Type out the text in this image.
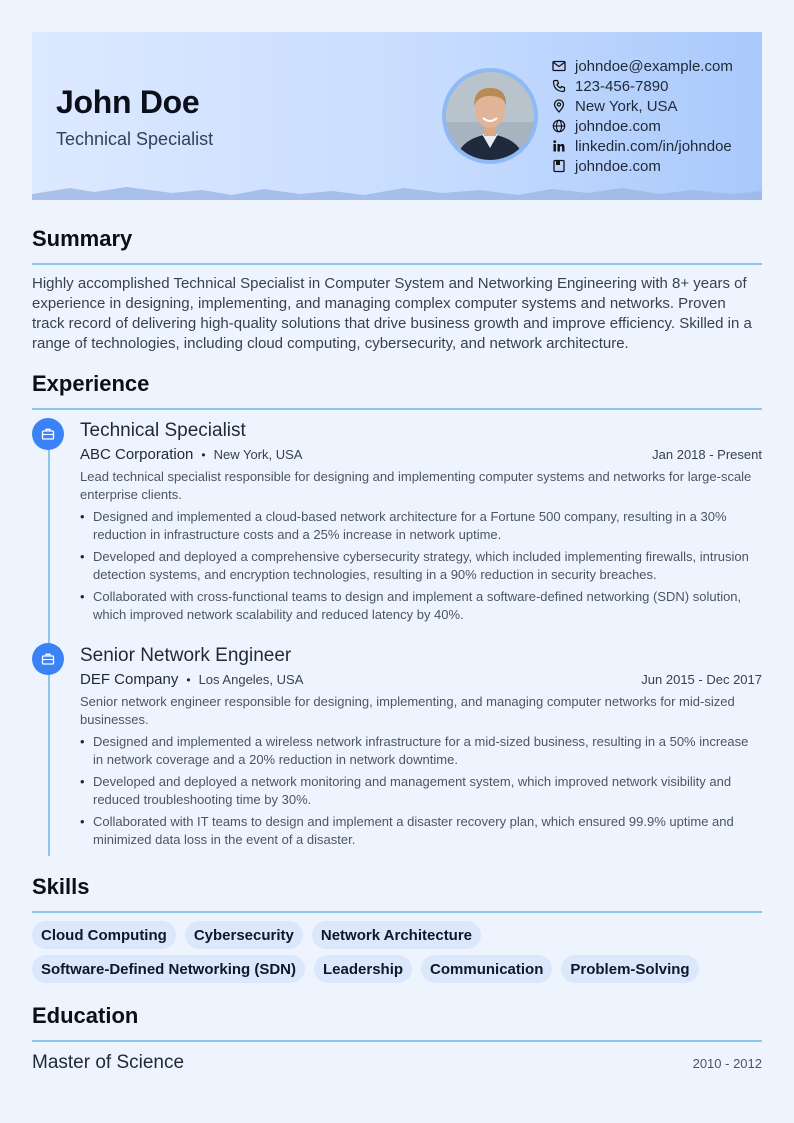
John Doe
Technical Specialist
johndoe@example.com
123-456-7890
New York, USA
johndoe.com
linkedin.com/in/johndoe
johndoe.com
Summary
Highly accomplished Technical Specialist in Computer System and Networking Engineering with 8+ years of experience in designing, implementing, and managing complex computer systems and networks. Proven track record of delivering high-quality solutions that drive business growth and improve efficiency. Skilled in a range of technologies, including cloud computing, cybersecurity, and network architecture.
Experience
Technical Specialist
ABC Corporation • New York, USA	Jan 2018 - Present
Lead technical specialist responsible for designing and implementing computer systems and networks for large-scale enterprise clients.
• Designed and implemented a cloud-based network architecture for a Fortune 500 company, resulting in a 30% reduction in infrastructure costs and a 25% increase in network uptime.
• Developed and deployed a comprehensive cybersecurity strategy, which included implementing firewalls, intrusion detection systems, and encryption technologies, resulting in a 90% reduction in security breaches.
• Collaborated with cross-functional teams to design and implement a software-defined networking (SDN) solution, which improved network scalability and reduced latency by 40%.
Senior Network Engineer
DEF Company • Los Angeles, USA	Jun 2015 - Dec 2017
Senior network engineer responsible for designing, implementing, and managing computer networks for mid-sized businesses.
• Designed and implemented a wireless network infrastructure for a mid-sized business, resulting in a 50% increase in network coverage and a 20% reduction in network downtime.
• Developed and deployed a network monitoring and management system, which improved network visibility and reduced troubleshooting time by 30%.
• Collaborated with IT teams to design and implement a disaster recovery plan, which ensured 99.9% uptime and minimized data loss in the event of a disaster.
Skills
Cloud Computing	Cybersecurity	Network Architecture
Software-Defined Networking (SDN)	Leadership	Communication	Problem-Solving
Education
Master of Science	2010 - 2012
